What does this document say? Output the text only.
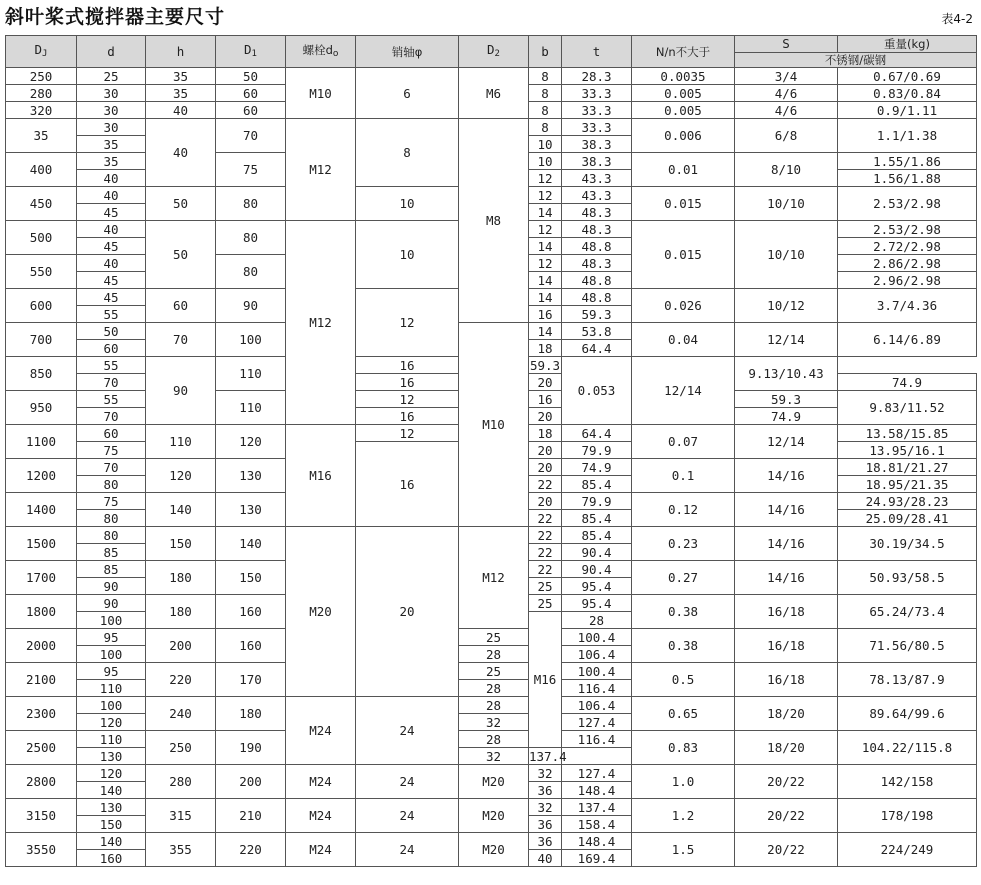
斜叶桨式搅拌器主要尺寸	表4-2
$D_J$	d	h	$D_1$	螺栓$d_o$	销轴φ	$D_2$	b	t	N/n不大于	S	重量(kg)	
										不锈钢/碳钢		
250	25	35	50	M10	6	M6	8	28.3	0.0035	3/4	0.67/0.69	
280	30	35	60				8	33.3	0.005	4/6	0.83/0.84	
320	30	40	60				8	33.3	0.005	4/6	0.9/1.11	
35	30	40	70	M12	8	M8	8	33.3	0.006	6/8	1.1/1.38	
	35						10	38.3				
400	35		75				10	38.3	0.01	8/10	1.55/1.86	
	40						12	43.3			1.56/1.88	
450	40	50	80		10		12	43.3	0.015	10/10	2.53/2.98	
	45						14	48.3				
500	40	50	80	M12	10		12	48.3	0.015	10/10	2.53/2.98	
	45						14	48.8			2.72/2.98	
550	40		80				12	48.3			2.86/2.98	
	45						14	48.8			2.96/2.98	
600	45	60	90		12		14	48.8	0.026	10/12	3.7/4.36	
	55						16	59.3				
700	50	70	100			M10	14	53.8	0.04	12/14	6.14/6.89	
	60						18	64.4				
850	55	90	110		16		59.3	0.053	12/14	9.13/10.43		
	70				16		20				74.9	
950	55		110		12		16			59.3	9.83/11.52	
	70				16		20			74.9		
1100	60	110	120	M16	12		18	64.4	0.07	12/14	13.58/15.85	
	75				16		20	79.9			13.95/16.1	
1200	70	120	130				20	74.9	0.1	14/16	18.81/21.27	
	80						22	85.4			18.95/21.35	
1400	75	140	130				20	79.9	0.12	14/16	24.93/28.23	
	80						22	85.4			25.09/28.41	
1500	80	150	140	M20	20	M12	22	85.4	0.23	14/16	30.19/34.5	
	85						22	90.4				
1700	85	180	150				22	90.4	0.27	14/16	50.93/58.5	
	90						25	95.4				
1800	90	180	160				25	95.4	0.38	16/18	65.24/73.4	
	100						M16	28	
2000	95	200	160			25		100.4	0.38	16/18	71.56/80.5	
	100					28		106.4				
2100	95	220	170			25		100.4	0.5	16/18	78.13/87.9	
	110					28		116.4				
2300	100	240	180	M24	24	28		106.4	0.65	18/20	89.64/99.6	
	120					32		127.4				
2500	110	250	190			28		116.4	0.83	18/20	104.22/115.8	
	130					32	137.4					
2800	120	280	200	M24	24	M20	32	127.4	1.0	20/22	142/158	
	140						36	148.4				
3150	130	315	210	M24	24	M20	32	137.4	1.2	20/22	178/198	
	150						36	158.4				
3550	140	355	220	M24	24	M20	36	148.4	1.5	20/22	224/249	
	160						40	169.4				
